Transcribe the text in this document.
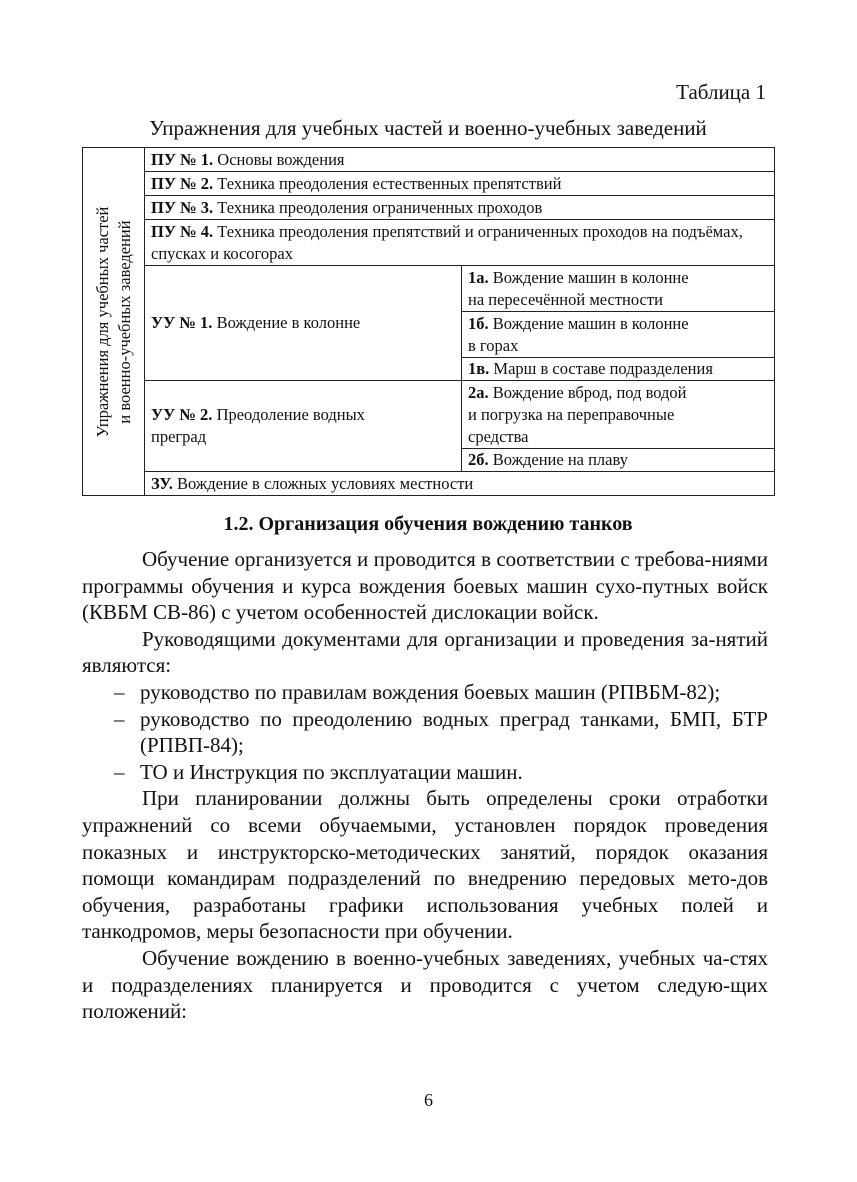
Таблица 1
Упражнения для учебных частей и военно-учебных заведений
Упражнения для учебных частей и военно-учебных заведений	ПУ № 1. Основы вождения	
	ПУ № 2. Техника преодоления естественных препятствий	
	ПУ № 3. Техника преодоления ограниченных проходов	
	ПУ № 4. Техника преодоления препятствий и ограниченных проходов на подъёмах, спусках и косогорах	
	УУ № 1. Вождение в колонне	1а. Вождение машин в колонне
на пересечённой местности
		1б. Вождение машин в колонне
в горах
		1в. Марш в составе подразделения
	УУ № 2. Преодоление водных
преград	2а. Вождение вброд, под водой
и погрузка на переправочные
средства
		2б. Вождение на плаву
	ЗУ. Вождение в сложных условиях местности	
1.2. Организация обучения вождению танков

Обучение организуется и проводится в соответствии с требова-ниями программы обучения и курса вождения боевых машин сухо-путных войск (КВБМ СВ-86) с учетом особенностей дислокации войск.

Руководящими документами для организации и проведения за-нятий являются:

– руководство по правилам вождения боевых машин (РПВБМ-82);

– руководство по преодолению водных преград танками, БМП, БТР (РПВП-84);

– ТО и Инструкция по эксплуатации машин.

При планировании должны быть определены сроки отработки упражнений со всеми обучаемыми, установлен порядок проведения показных и инструкторско-методических занятий, порядок оказания помощи командирам подразделений по внедрению передовых мето-дов обучения, разработаны графики использования учебных полей и танкодромов, меры безопасности при обучении.

Обучение вождению в военно-учебных заведениях, учебных ча-стях и подразделениях планируется и проводится с учетом следую-щих положений:

6
